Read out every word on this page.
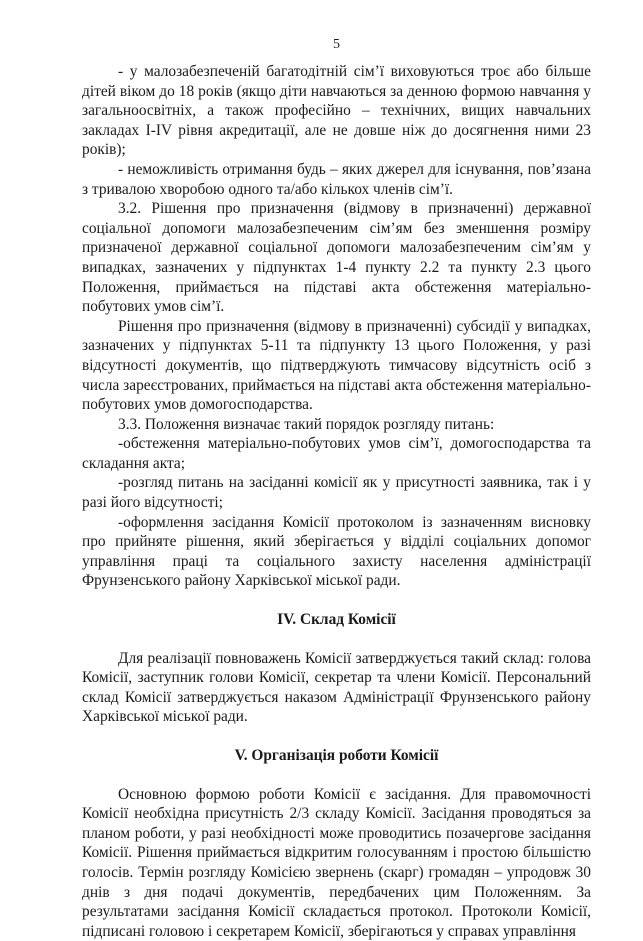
5

- у малозабезпеченій багатодітній сім’ї виховуються троє або більше дітей віком до 18 років (якщо діти навчаються за денною формою навчання у загальноосвітніх, а також професійно – технічних, вищих навчальних закладах І-ІV рівня акредитації, але не довше ніж до досягнення ними 23 років);

- неможливість отримання будь – яких джерел для існування, пов’язана з тривалою хворобою одного та/або кількох членів сім’ї.

3.2. Рішення про призначення (відмову в призначенні) державної соціальної допомоги малозабезпеченим сім’ям без зменшення розміру призначеної державної соціальної допомоги малозабезпеченим сім’ям у випадках, зазначених у підпунктах 1-4 пункту 2.2 та пункту 2.3 цього Положення, приймається на підставі акта обстеження матеріально-побутових умов сім’ї.

Рішення про призначення (відмову в призначенні) субсидії у випадках, зазначених у підпунктах 5-11 та підпункту 13 цього Положення, у разі відсутності документів, що підтверджують тимчасову відсутність осіб з числа зареєстрованих, приймається на підставі акта обстеження матеріально-побутових умов домогосподарства.

3.3. Положення визначає такий порядок розгляду питань:

-обстеження матеріально-побутових умов сім’ї, домогосподарства та складання акта;

-розгляд питань на засіданні комісії як у присутності заявника, так і у разі його відсутності;

-оформлення засідання Комісії протоколом із зазначенням висновку про прийняте рішення, який зберігається у відділі соціальних допомог управління праці та соціального захисту населення адміністрації Фрунзенського району Харківської міської ради.

IV. Склад Комісії

Для реалізації повноважень Комісії затверджується такий склад: голова Комісії, заступник голови Комісії, секретар та члени Комісії. Персональний склад Комісії затверджується наказом Адміністрації Фрунзенського району Харківської міської ради.

V. Організація роботи Комісії

Основною формою роботи Комісії є засідання. Для правомочності Комісії необхідна присутність 2/3 складу Комісії. Засідання проводяться за планом роботи, у разі необхідності може проводитись позачергове засідання Комісії. Рішення приймається відкритим голосуванням і простою більшістю голосів. Термін розгляду Комісією звернень (скарг) громадян – упродовж 30 днів з дня подачі документів, передбачених цим Положенням. За результатами засідання Комісії складається протокол. Протоколи Комісії, підписані головою і секретарем Комісії, зберігаються у справах управління
